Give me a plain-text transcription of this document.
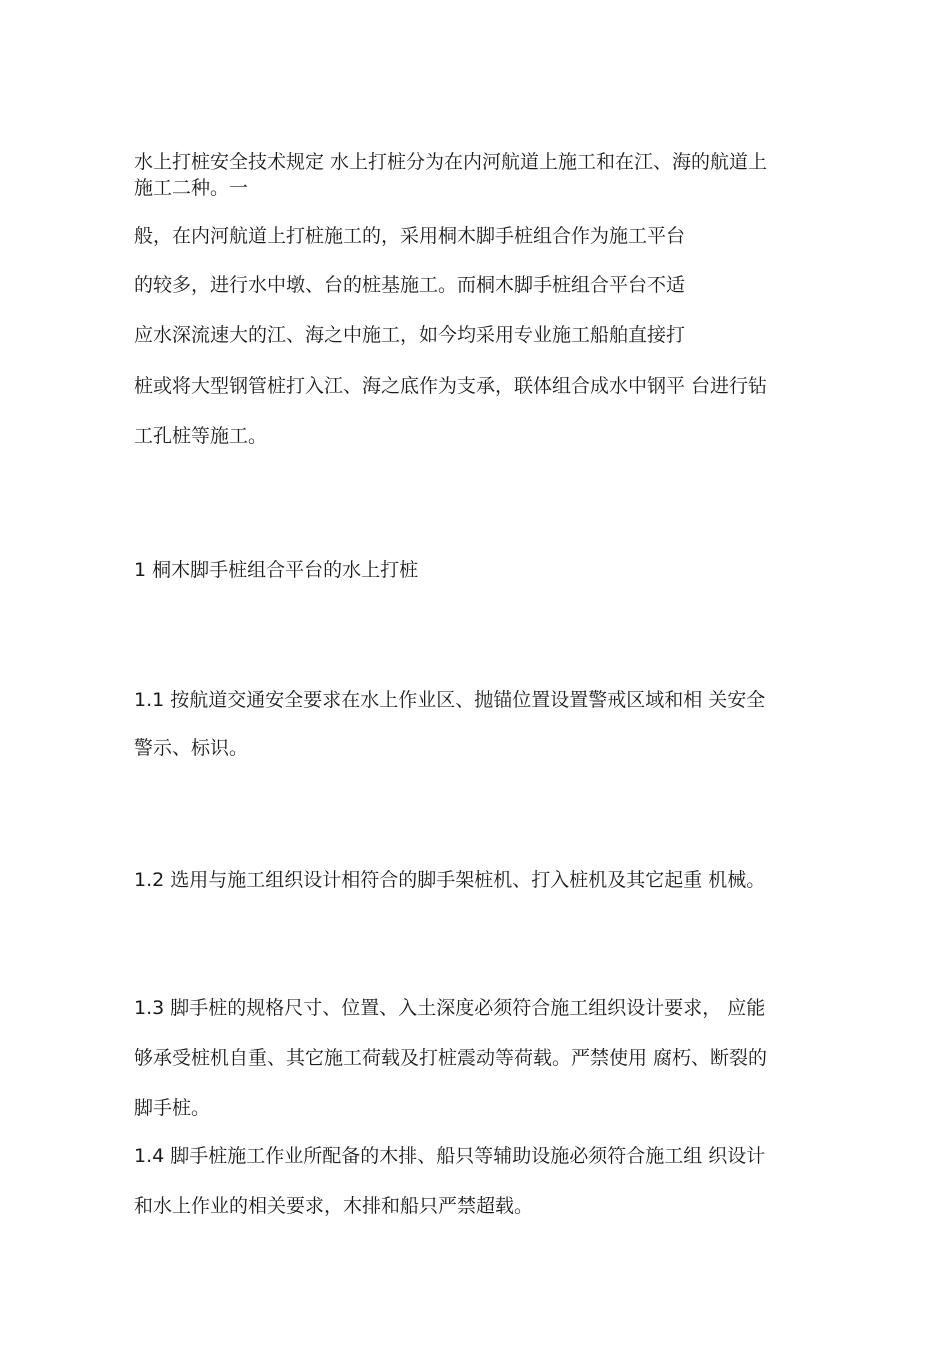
水上打桩安全技术规定 水上打桩分为在内河航道上施工和在江、海的航道上
施工二种。一
般，在内河航道上打桩施工的，采用桐木脚手桩组合作为施工平台
的较多，进行水中墩、台的桩基施工。而桐木脚手桩组合平台不适
应水深流速大的江、海之中施工，如今均采用专业施工船舶直接打
桩或将大型钢管桩打入江、海之底作为支承，联体组合成水中钢平 台进行钻
工孔桩等施工。
1 桐木脚手桩组合平台的水上打桩
1.1 按航道交通安全要求在水上作业区、抛锚位置设置警戒区域和相 关安全
警示、标识。
1.2 选用与施工组织设计相符合的脚手架桩机、打入桩机及其它起重 机械。
1.3 脚手桩的规格尺寸、位置、入土深度必须符合施工组织设计要求， 应能
够承受桩机自重、其它施工荷载及打桩震动等荷载。严禁使用 腐朽、断裂的
脚手桩。
1.4 脚手桩施工作业所配备的木排、船只等辅助设施必须符合施工组 织设计
和水上作业的相关要求，木排和船只严禁超载。
